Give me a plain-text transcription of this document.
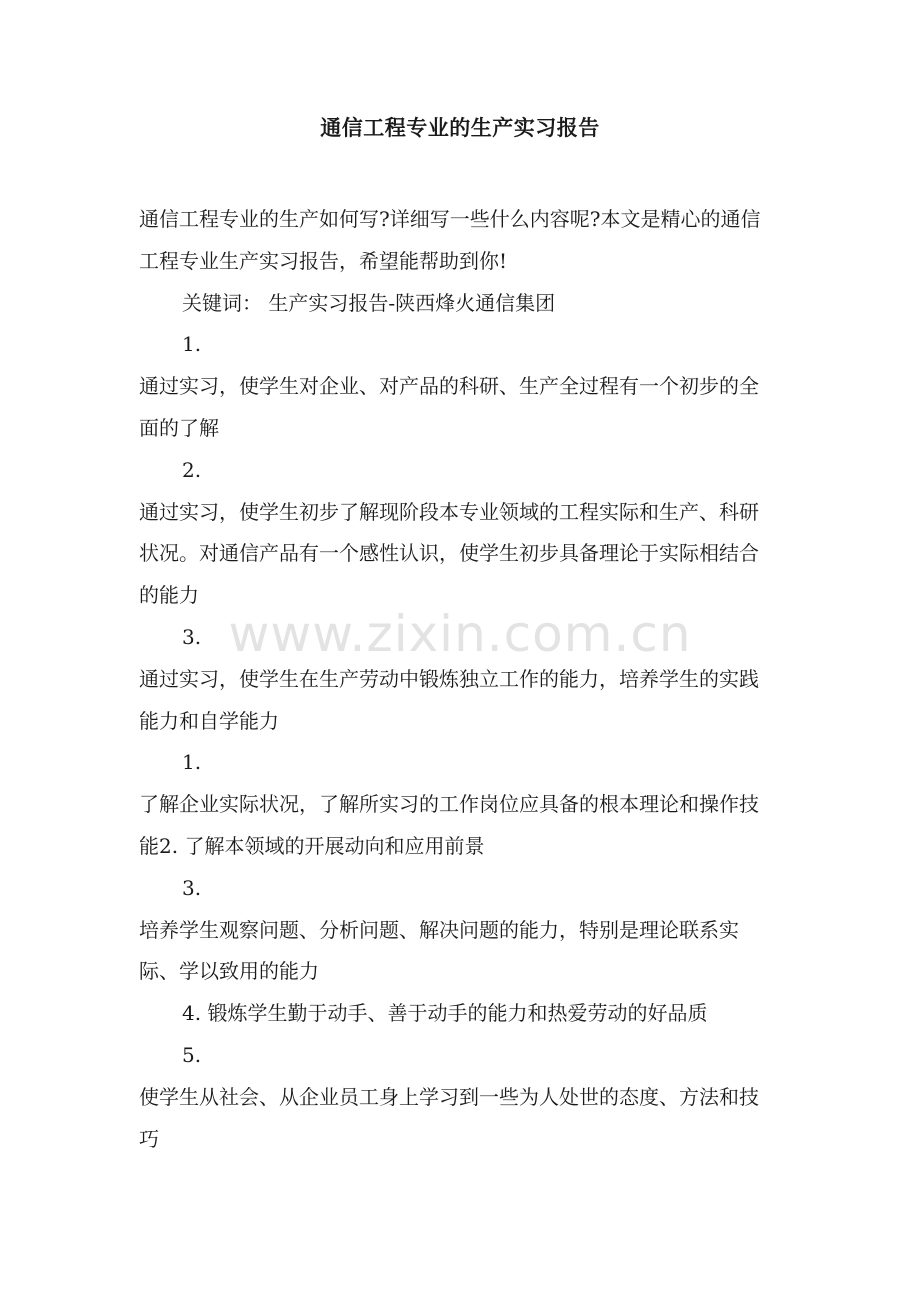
通信工程专业的生产实习报告

通信工程专业的生产如何写?详细写一些什么内容呢?本文是精心的通信工程专业生产实习报告，希望能帮助到你!

关键词： 生产实习报告-陕西烽火通信集团

1.

通过实习，使学生对企业、对产品的科研、生产全过程有一个初步的全面的了解

2.

通过实习，使学生初步了解现阶段本专业领域的工程实际和生产、科研状况。对通信产品有一个感性认识，使学生初步具备理论于实际相结合的能力

3.

通过实习，使学生在生产劳动中锻炼独立工作的能力，培养学生的实践能力和自学能力

1.

了解企业实际状况，了解所实习的工作岗位应具备的根本理论和操作技能2. 了解本领域的开展动向和应用前景

3.

培养学生观察问题、分析问题、解决问题的能力，特别是理论联系实际、学以致用的能力

4. 锻炼学生勤于动手、善于动手的能力和热爱劳动的好品质

5.

使学生从社会、从企业员工身上学习到一些为人处世的态度、方法和技巧

www.zixin.com.cn
